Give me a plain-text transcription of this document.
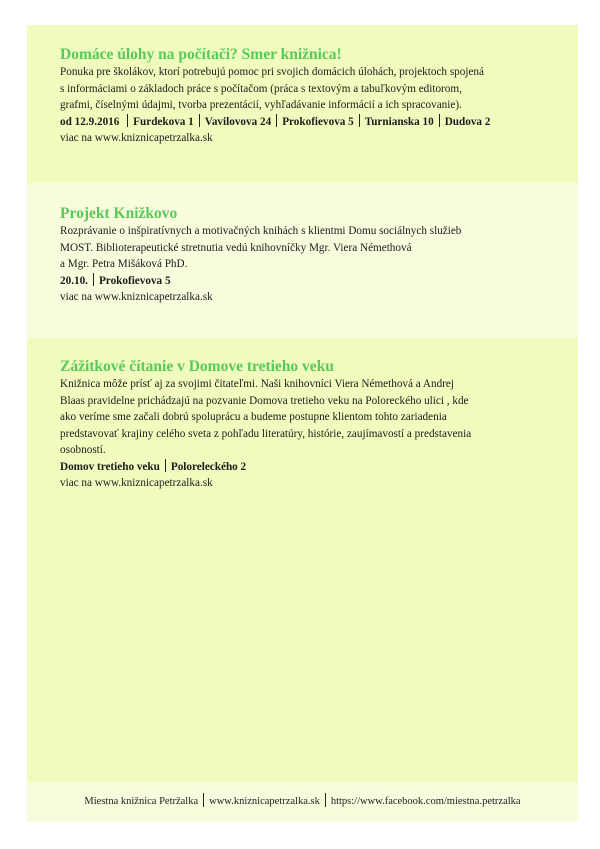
Domáce úlohy na počítači? Smer knižnica!

Ponuka pre školákov, ktorí potrebujú pomoc pri svojich domácich úlohách, projektoch spojená

s informáciami o základoch práce s počítačom (práca s textovým a tabuľkovým editorom,

grafmi, číselnými údajmi, tvorba prezentácií, vyhľadávanie informácií a ich spracovanie).

od 12.9.2016 Furdekova 1 Vavilovova 24 Prokofievova 5 Turnianska 10 Dudova 2

viac na www.kniznicapetrzalka.sk

Projekt Knižkovo

Rozprávanie o inšpiratívnych a motivačných knihách s klientmi Domu sociálnych služieb

MOST. Biblioterapeutické stretnutia vedú knihovníčky Mgr. Viera Némethová

a Mgr. Petra Mišáková PhD.

20.10. Prokofievova 5

viac na www.kniznicapetrzalka.sk

Zážitkové čítanie v Domove tretieho veku

Knižnica môže prísť aj za svojimi čitateľmi. Naši knihovníci Viera Némethová a Andrej

Blaas pravidelne prichádzajú na pozvanie Domova tretieho veku na Poloreckého ulici , kde

ako veríme sme začali dobrú spoluprácu a budeme postupne klientom tohto zariadenia

predstavovať krajiny celého sveta z pohľadu literatúry, histórie, zaujímavostí a predstavenia

osobností.

Domov tretieho veku Poloreleckého 2

viac na www.kniznicapetrzalka.sk

Miestna knižnica Petržalka www.kniznicapetrzalka.sk https://www.facebook.com/miestna.petrzalka
